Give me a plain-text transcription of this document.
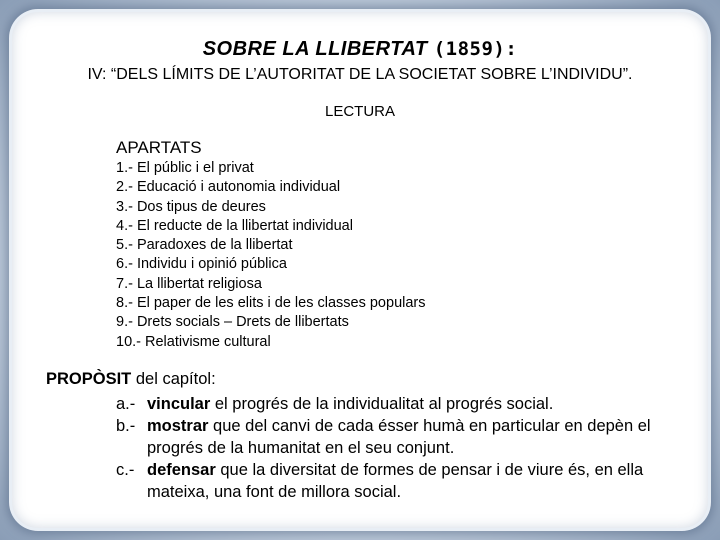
SOBRE LA LLIBERTAT (1859):
IV: “DELS LÍMITS DE L’AUTORITAT DE LA SOCIETAT SOBRE L’INDIVIDU”.
LECTURA
APARTATS
1.- El públic i el privat
2.- Educació i autonomia individual
3.- Dos tipus de deures
4.- El reducte de la llibertat individual
5.- Paradoxes de la llibertat
6.- Individu i opinió pública
7.- La llibertat religiosa
8.- El paper de les elits i de les classes populars
9.- Drets socials – Drets de llibertats
10.- Relativisme cultural
PROPÒSIT del capítol:
a.- vincular el progrés de la individualitat al progrés social.
b.- mostrar que del canvi de cada ésser humà en particular en depèn el progrés de la humanitat en el seu conjunt.
c.- defensar que la diversitat de formes de pensar i de viure és, en ella mateixa, una font de millora social.
